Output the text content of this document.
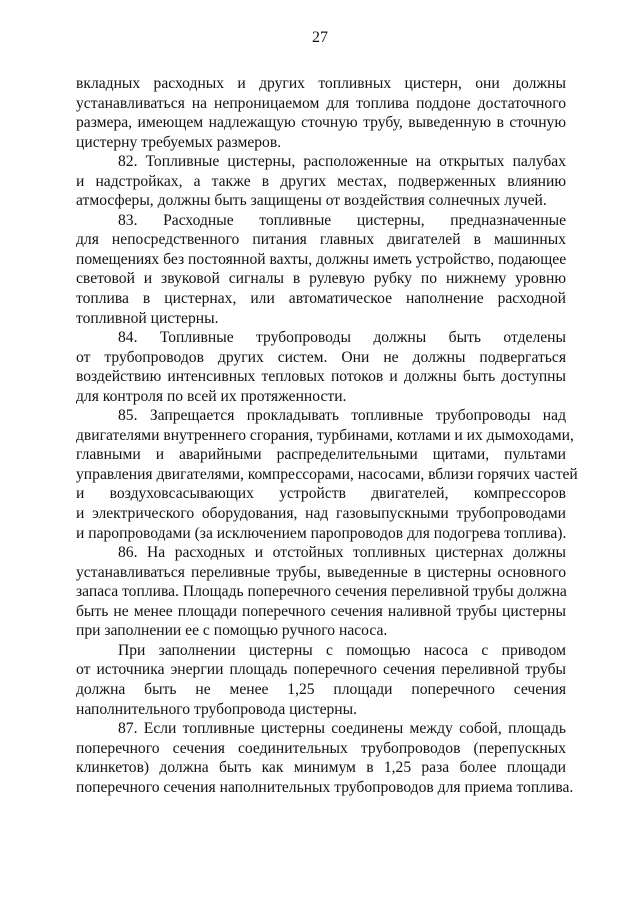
27
вкладных расходных и других топливных цистерн, они должны
устанавливаться на непроницаемом для топлива поддоне достаточного
размера, имеющем надлежащую сточную трубу, выведенную в сточную
цистерну требуемых размеров.
82. Топливные цистерны, расположенные на открытых палубах
и надстройках, а также в других местах, подверженных влиянию
атмосферы, должны быть защищены от воздействия солнечных лучей.
83. Расходные топливные цистерны, предназначенные
для непосредственного питания главных двигателей в машинных
помещениях без постоянной вахты, должны иметь устройство, подающее
световой и звуковой сигналы в рулевую рубку по нижнему уровню
топлива в цистернах, или автоматическое наполнение расходной
топливной цистерны.
84. Топливные трубопроводы должны быть отделены
от трубопроводов других систем. Они не должны подвергаться
воздействию интенсивных тепловых потоков и должны быть доступны
для контроля по всей их протяженности.
85. Запрещается прокладывать топливные трубопроводы над
двигателями внутреннего сгорания, турбинами, котлами и их дымоходами,
главными и аварийными распределительными щитами, пультами
управления двигателями, компрессорами, насосами, вблизи горячих частей
и воздуховсасывающих устройств двигателей, компрессоров
и электрического оборудования, над газовыпускными трубопроводами
и паропроводами (за исключением паропроводов для подогрева топлива).
86. На расходных и отстойных топливных цистернах должны
устанавливаться переливные трубы, выведенные в цистерны основного
запаса топлива. Площадь поперечного сечения переливной трубы должна
быть не менее площади поперечного сечения наливной трубы цистерны
при заполнении ее с помощью ручного насоса.
При заполнении цистерны с помощью насоса с приводом
от источника энергии площадь поперечного сечения переливной трубы
должна быть не менее 1,25 площади поперечного сечения
наполнительного трубопровода цистерны.
87. Если топливные цистерны соединены между собой, площадь
поперечного сечения соединительных трубопроводов (перепускных
клинкетов) должна быть как минимум в 1,25 раза более площади
поперечного сечения наполнительных трубопроводов для приема топлива.
